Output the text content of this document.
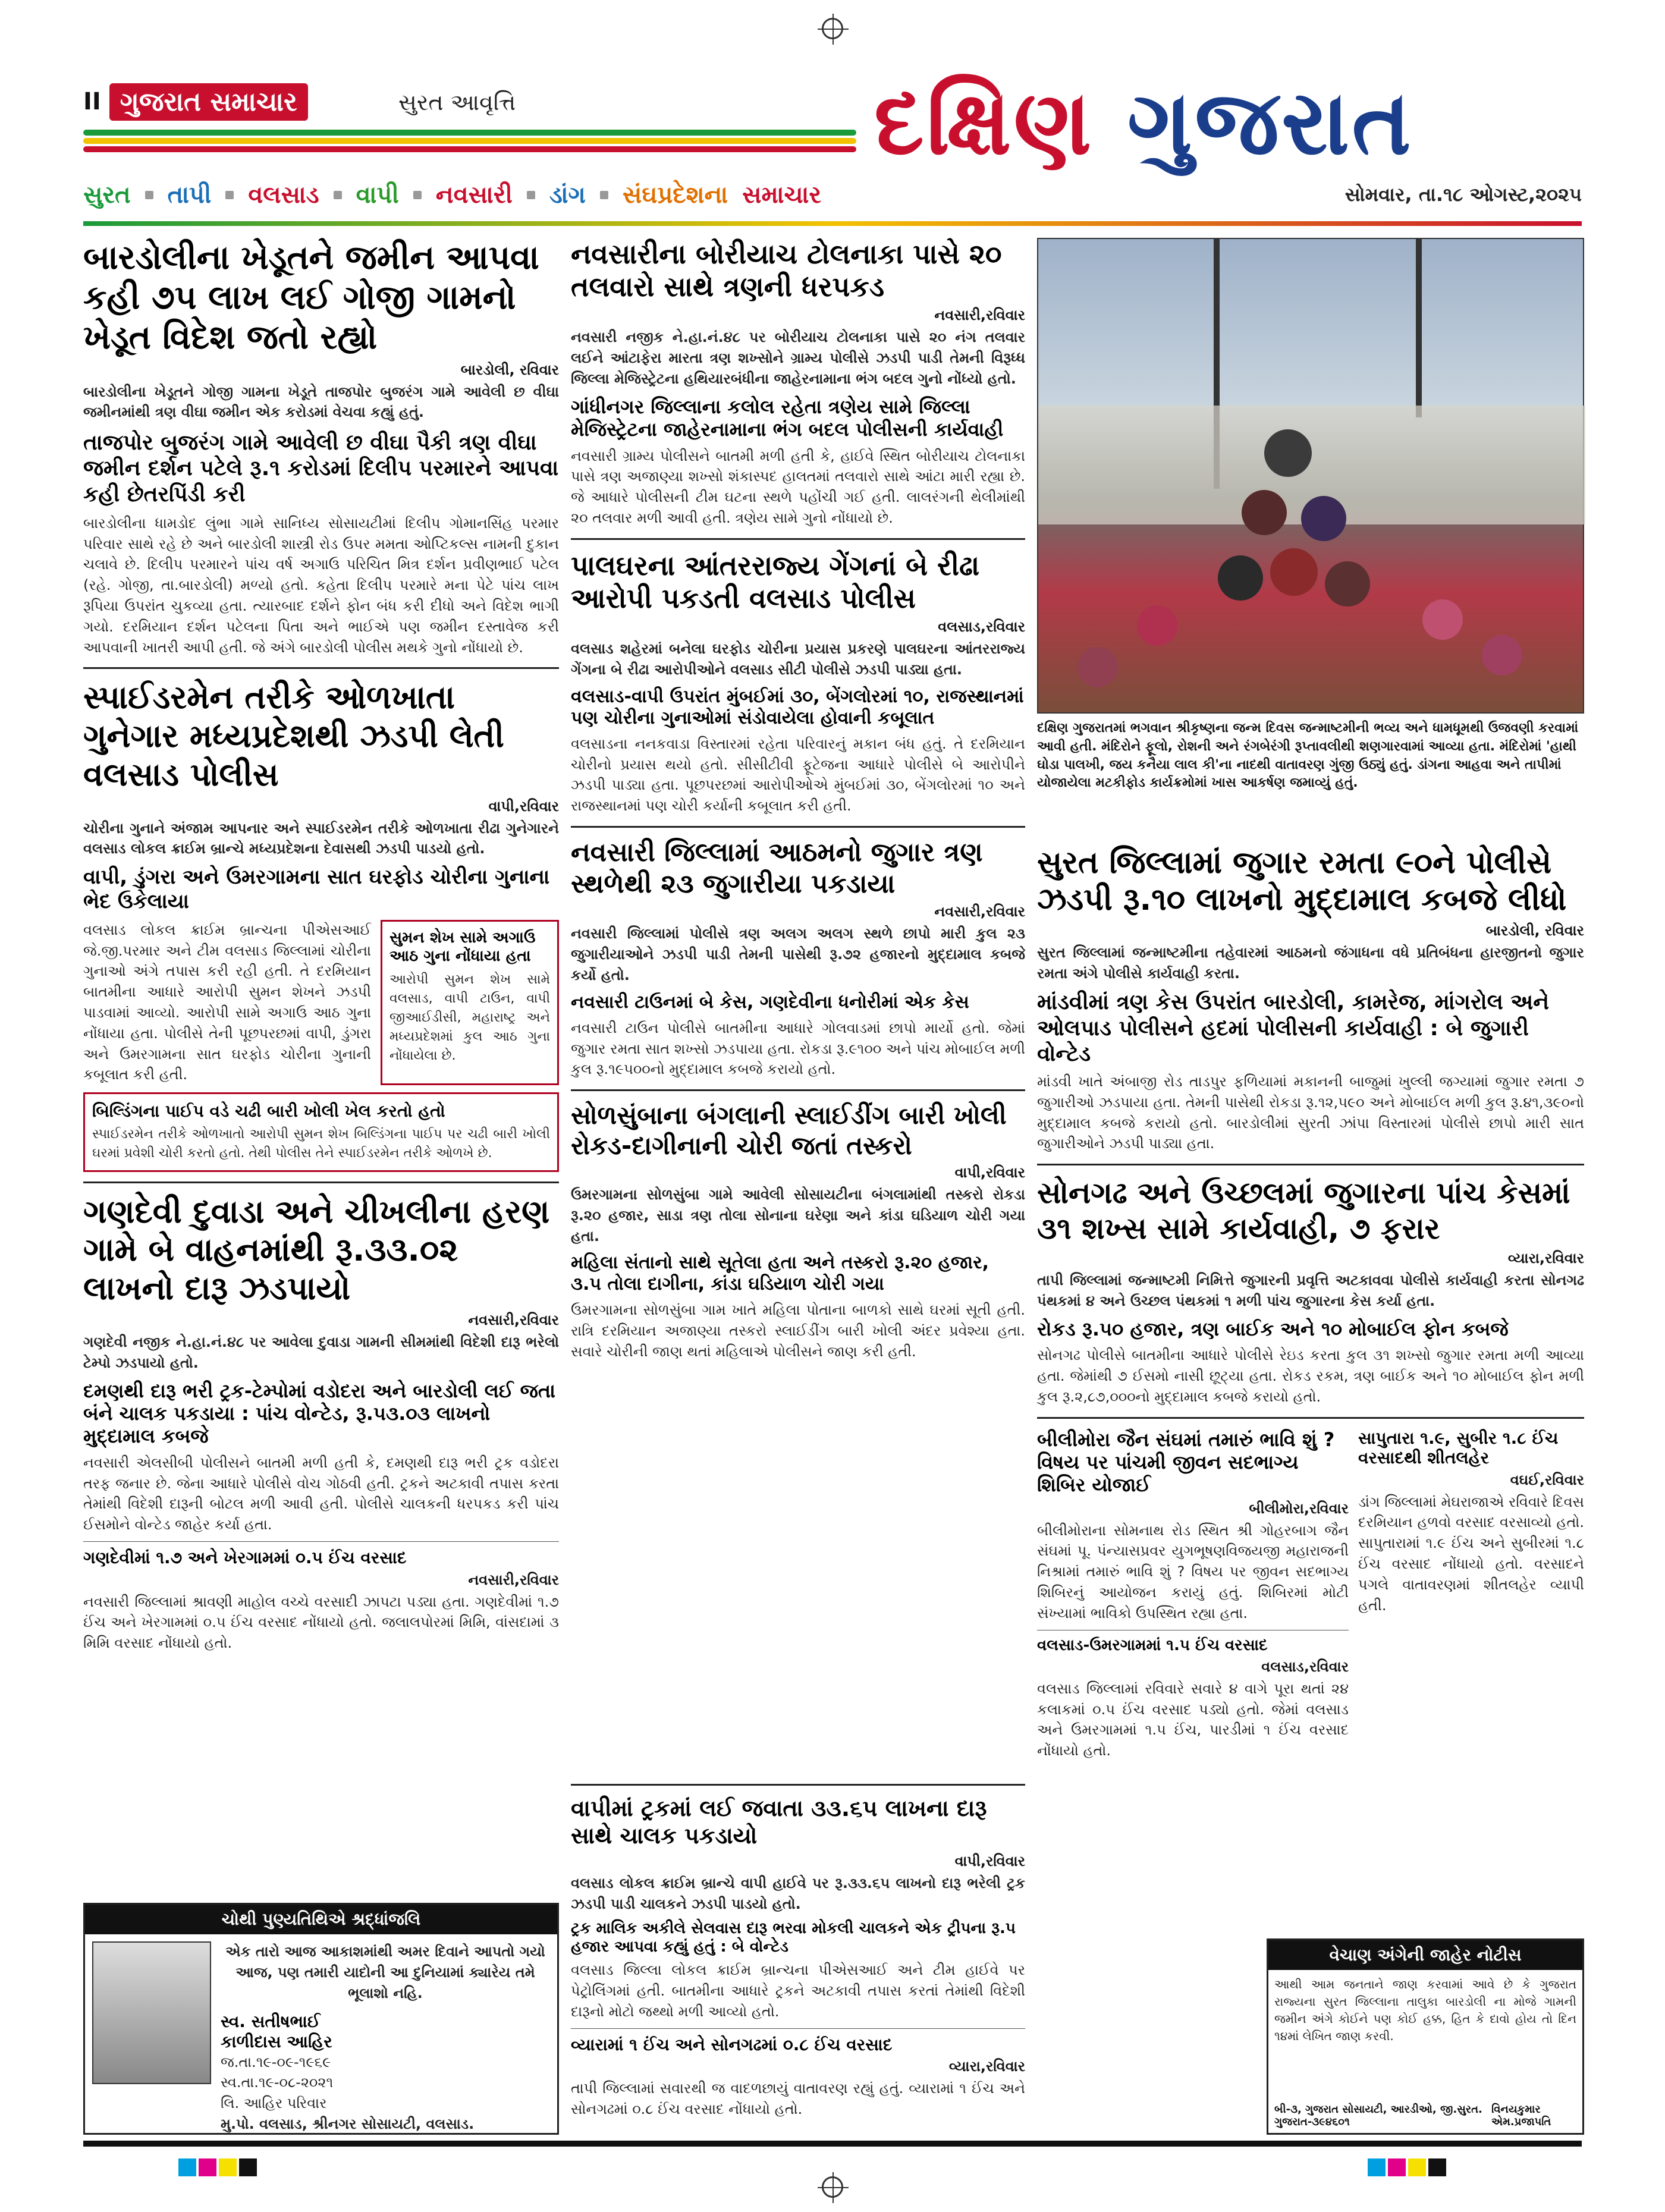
II ગુજરાત સમાચાર	સુરત આવૃત્તિ	દક્ષિણ ગુજરાત
સોમવાર, તા.૧૮ ઓગસ્ટ,૨૦૨૫
સુરત તાપી વલસાડ વાપી નવસારી ડાંગ સંઘપ્રદેશના સમાચાર
બારડોલીના ખેડૂતને જમીન આપવા કહી ૭૫ લાખ લઈ ગોજી ગામનો ખેડૂત વિદેશ જતો રહ્યો
બારડોલી, રવિવાર
બારડોલીના ખેડૂતને ગોજી ગામના ખેડૂતે તાજપોર બુજરંગ ગામે આવેલી છ વીઘા જમીનમાંથી ત્રણ વીઘા જમીન એક કરોડમાં વેચવા કહ્યું હતું.
તાજપોર બુજરંગ ગામે આવેલી છ વીઘા પૈકી ત્રણ વીઘા જમીન દર્શન પટેલે રૂ.૧ કરોડમાં દિલીપ પરમારને આપવા કહી છેતરપિંડી કરી
બારડોલીના ધામડોદ લુંભા ગામે સાનિધ્ય સોસાયટીમાં દિલીપ ગોમાનસિંહ પરમાર પરિવાર સાથે રહે છે અને બારડોલી શાસ્ત્રી રોડ ઉપર મમતા ઓપ્ટિકલ્સ નામની દુકાન ચલાવે છે. દિલીપ પરમારને પાંચ વર્ષ અગાઉ પરિચિત મિત્ર દર્શન પ્રવીણભાઈ પટેલ (રહે. ગોજી, તા.બારડોલી) મળ્યો હતો. કહેતા દિલીપ પરમારે મના પેટે પાંચ લાખ રૂપિયા ઉપરાંત ચુકવ્યા હતા. ત્યારબાદ દર્શને ફોન બંધ કરી દીધો અને વિદેશ ભાગી ગયો. દરમિયાન દર્શન પટેલના પિતા અને ભાઈએ પણ જમીન દસ્તાવેજ કરી આપવાની ખાતરી આપી હતી. જે અંગે બારડોલી પોલીસ મથકે ગુનો નોંધાયો છે.
સ્પાઈડરમેન તરીકે ઓળખાતા ગુનેગાર મધ્યપ્રદેશથી ઝડપી લેતી વલસાડ પોલીસ
વાપી,રવિવાર
ચોરીના ગુનાને અંજામ આપનાર અને સ્પાઈડરમેન તરીકે ઓળખાતા રીઢા ગુનેગારને વલસાડ લોકલ ક્રાઈમ બ્રાન્ચે મધ્યપ્રદેશના દેવાસથી ઝડપી પાડયો હતો.
વાપી, ડુંગરા અને ઉમરગામના સાત ઘરફોડ ચોરીના ગુનાના ભેદ ઉકેલાયા
વલસાડ લોકલ ક્રાઈમ બ્રાન્ચના પીએસઆઈ જે.જી.પરમાર અને ટીમ વલસાડ જિલ્લામાં ચોરીના ગુનાઓ અંગે તપાસ કરી રહી હતી. તે દરમિયાન બાતમીના આધારે આરોપી સુમન શેખને ઝડપી પાડવામાં આવ્યો. આરોપી સામે અગાઉ આઠ ગુના નોંધાયા હતા. પોલીસે તેની પૂછપરછમાં વાપી, ડુંગરા અને ઉમરગામના સાત ઘરફોડ ચોરીના ગુનાની કબૂલાત કરી હતી.
સુમન શેખ સામે અગાઉ આઠ ગુના નોંધાયા હતા
આરોપી સુમન શેખ સામે વલસાડ, વાપી ટાઉન, વાપી જીઆઈડીસી, મહારાષ્ટ્ર અને મધ્યપ્રદેશમાં કુલ આઠ ગુના નોંધાયેલા છે.
બિલ્ડિંગના પાઈપ વડે ચઢી બારી ખોલી ખેલ કરતો હતો
સ્પાઈડરમેન તરીકે ઓળખાતો આરોપી સુમન શેખ બિલ્ડિંગના પાઈપ પર ચઢી બારી ખોલી ઘરમાં પ્રવેશી ચોરી કરતો હતો. તેથી પોલીસ તેને સ્પાઈડરમેન તરીકે ઓળખે છે.
ગણદેવી દુવાડા અને ચીખલીના હરણ ગામે બે વાહનમાંથી રૂ.૩૩.૦૨ લાખનો દારૂ ઝડપાયો
નવસારી,રવિવાર
ગણદેવી નજીક ને.હા.નં.૪૮ પર આવેલા દુવાડા ગામની સીમમાંથી વિદેશી દારૂ ભરેલો ટેમ્પો ઝડપાયો હતો.
દમણથી દારૂ ભરી ટ્રક-ટેમ્પોમાં વડોદરા અને બારડોલી લઈ જતા બંને ચાલક પકડાયા : પાંચ વોન્ટેડ, રૂ.૫૩.૦૩ લાખનો મુદ્દામાલ કબજે
નવસારી એલસીબી પોલીસને બાતમી મળી હતી કે, દમણથી દારૂ ભરી ટ્રક વડોદરા તરફ જનાર છે. જેના આધારે પોલીસે વોચ ગોઠવી હતી. ટ્રકને અટકાવી તપાસ કરતા તેમાંથી વિદેશી દારૂની બોટલ મળી આવી હતી. પોલીસે ચાલકની ધરપકડ કરી પાંચ ઈસમોને વોન્ટેડ જાહેર કર્યા હતા.
ગણદેવીમાં ૧.૭ અને ખેરગામમાં ૦.૫ ઈંચ વરસાદ
નવસારી,રવિવાર
નવસારી જિલ્લામાં શ્રાવણી માહોલ વચ્ચે વરસાદી ઝાપટા પડ્યા હતા. ગણદેવીમાં ૧.૭ ઈંચ અને ખેરગામમાં ૦.૫ ઈંચ વરસાદ નોંધાયો હતો. જલાલપોરમાં મિમિ, વાંસદામાં ૩ મિમિ વરસાદ નોંધાયો હતો.
ચોથી પુણ્યતિથિએ શ્રદ્ધાંજલિ
એક તારો આજ આકાશમાંથી અમર દિવાને આપતો ગયો આજ, પણ તમારી યાદોની આ દુનિયામાં ક્યારેય તમે ભૂલાશો નહિ.
સ્વ. સતીષભાઈ
કાળીદાસ આહિર
જ.તા.૧૯-૦૯-૧૯૬૯
સ્વ.તા.૧૯-૦૮-૨૦૨૧
લિ. આહિર પરિવાર
મુ.પો. વલસાડ, શ્રીનગર સોસાયટી, વલસાડ.
નવસારીના બોરીયાચ ટોલનાકા પાસે ૨૦ તલવારો સાથે ત્રણની ધરપકડ
નવસારી,રવિવાર
નવસારી નજીક ને.હા.નં.૪૮ પર બોરીયાચ ટોલનાકા પાસે ૨૦ નંગ તલવાર લઈને આંટાફેરા મારતા ત્રણ શખ્સોને ગ્રામ્ય પોલીસે ઝડપી પાડી તેમની વિરૂધ્ધ જિલ્લા મેજિસ્ટ્રેટના હથિયારબંધીના જાહેરનામાના ભંગ બદલ ગુનો નોંધ્યો હતો.
ગાંધીનગર જિલ્લાના કલોલ રહેતા ત્રણેય સામે જિલ્લા મેજિસ્ટ્રેટના જાહેરનામાના ભંગ બદલ પોલીસની કાર્યવાહી
નવસારી ગ્રામ્ય પોલીસને બાતમી મળી હતી કે, હાઈવે સ્થિત બોરીયાચ ટોલનાકા પાસે ત્રણ અજાણ્યા શખ્સો શંકાસ્પદ હાલતમાં તલવારો સાથે આંટા મારી રહ્યા છે. જે આધારે પોલીસની ટીમ ઘટના સ્થળે પહોંચી ગઈ હતી. લાલરંગની થેલીમાંથી ૨૦ તલવાર મળી આવી હતી. ત્રણેય સામે ગુનો નોંધાયો છે.
પાલઘરના આંતરરાજ્ય ગેંગનાં બે રીઢા આરોપી પકડતી વલસાડ પોલીસ
વલસાડ,રવિવાર
વલસાડ શહેરમાં બનેલા ઘરફોડ ચોરીના પ્રયાસ પ્રકરણે પાલઘરના આંતરરાજ્ય ગેંગના બે રીઢા આરોપીઓને વલસાડ સીટી પોલીસે ઝડપી પાડ્યા હતા.
વલસાડ-વાપી ઉપરાંત મુંબઈમાં ૩૦, બેંગલોરમાં ૧૦, રાજસ્થાનમાં પણ ચોરીના ગુનાઓમાં સંડોવાયેલા હોવાની કબૂલાત
વલસાડના નનકવાડા વિસ્તારમાં રહેતા પરિવારનું મકાન બંધ હતું. તે દરમિયાન ચોરીનો પ્રયાસ થયો હતો. સીસીટીવી ફૂટેજના આધારે પોલીસે બે આરોપીને ઝડપી પાડ્યા હતા. પૂછપરછમાં આરોપીઓએ મુંબઈમાં ૩૦, બેંગલોરમાં ૧૦ અને રાજસ્થાનમાં પણ ચોરી કર્યાની કબૂલાત કરી હતી.
નવસારી જિલ્લામાં આઠમનો જુગાર ત્રણ સ્થળેથી ૨૩ જુગારીયા પકડાયા
નવસારી,રવિવાર
નવસારી જિલ્લામાં પોલીસે ત્રણ અલગ અલગ સ્થળે છાપો મારી કુલ ૨૩ જુગારીયાઓને ઝડપી પાડી તેમની પાસેથી રૂ.૭૨ હજારનો મુદ્દામાલ કબજે કર્યો હતો.
નવસારી ટાઉનમાં બે કેસ, ગણદેવીના ધનોરીમાં એક કેસ
નવસારી ટાઉન પોલીસે બાતમીના આધારે ગોલવાડમાં છાપો માર્યો હતો. જેમાં જુગાર રમતા સાત શખ્સો ઝડપાયા હતા. રોકડા રૂ.૯૧૦૦ અને પાંચ મોબાઈલ મળી કુલ રૂ.૧૯૫૦૦નો મુદ્દામાલ કબજે કરાયો હતો.
સોળસુંબાના બંગલાની સ્લાઈડીંગ બારી ખોલી રોકડ-દાગીનાની ચોરી જતાં તસ્કરો
વાપી,રવિવાર
ઉમરગામના સોળસુંબા ગામે આવેલી સોસાયટીના બંગલામાંથી તસ્કરો રોકડા રૂ.૨૦ હજાર, સાડા ત્રણ તોલા સોનાના ઘરેણા અને કાંડા ઘડિયાળ ચોરી ગયા હતા.
મહિલા સંતાનો સાથે સૂતેલા હતા અને તસ્કરો રૂ.૨૦ હજાર, ૩.૫ તોલા દાગીના, કાંડા ઘડિયાળ ચોરી ગયા
ઉમરગામના સોળસુંબા ગામ ખાતે મહિલા પોતાના બાળકો સાથે ઘરમાં સૂતી હતી. રાત્રિ દરમિયાન અજાણ્યા તસ્કરો સ્લાઈડીંગ બારી ખોલી અંદર પ્રવેશ્યા હતા. સવારે ચોરીની જાણ થતાં મહિલાએ પોલીસને જાણ કરી હતી.
વાપીમાં ટ્રકમાં લઈ જવાતા ૩૩.૬૫ લાખના દારૂ સાથે ચાલક પકડાયો
વાપી,રવિવાર
વલસાડ લોકલ ક્રાઈમ બ્રાન્ચે વાપી હાઈવે પર રૂ.૩૩.૬૫ લાખનો દારૂ ભરેલી ટ્રક ઝડપી પાડી ચાલકને ઝડપી પાડયો હતો.
ટ્રક માલિક અકીલે સેલવાસ દારૂ ભરવા મોકલી ચાલકને એક ટ્રીપના રૂ.૫ હજાર આપવા કહ્યું હતું : બે વોન્ટેડ
વલસાડ જિલ્લા લોકલ ક્રાઈમ બ્રાન્ચના પીએસઆઈ અને ટીમ હાઈવે પર પેટ્રોલિંગમાં હતી. બાતમીના આધારે ટ્રકને અટકાવી તપાસ કરતાં તેમાંથી વિદેશી દારૂનો મોટો જથ્થો મળી આવ્યો હતો.
વ્યારામાં ૧ ઈંચ અને સોનગઢમાં ૦.૮ ઈંચ વરસાદ
વ્યારા,રવિવાર
તાપી જિલ્લામાં સવારથી જ વાદળછાયું વાતાવરણ રહ્યું હતું. વ્યારામાં ૧ ઈંચ અને સોનગઢમાં ૦.૮ ઈંચ વરસાદ નોંધાયો હતો.
દક્ષિણ ગુજરાતમાં ભગવાન શ્રીકૃષ્ણના જન્મ દિવસ જન્માષ્ટમીની ભવ્ય અને ધામધૂમથી ઉજવણી કરવામાં આવી હતી. મંદિરોને ફૂલો, રોશની અને રંગબેરંગી રૂપ્તાવલીથી શણગારવામાં આવ્યા હતા. મંદિરોમાં 'હાથી ઘોડા પાલખી, જય કનૈયા લાલ કી'ના નાદથી વાતાવરણ ગુંજી ઉઠ્યું હતું. ડાંગના આહવા અને તાપીમાં યોજાયેલા મટકીફોડ કાર્યક્રમોમાં ખાસ આકર્ષણ જમાવ્યું હતું.
સુરત જિલ્લામાં જુગાર રમતા ૯૦ને પોલીસે ઝડપી રૂ.૧૦ લાખનો મુદ્દામાલ કબજે લીધો
બારડોલી, રવિવાર
સુરત જિલ્લામાં જન્માષ્ટમીના તહેવારમાં આઠમનો જંગાધના વધે પ્રતિબંધના હારજીતનો જુગાર રમતા અંગે પોલીસે કાર્યવાહી કરતા.
માંડવીમાં ત્રણ કેસ ઉપરાંત બારડોલી, કામરેજ, માંગરોલ અને ઓલપાડ પોલીસને હદમાં પોલીસની કાર્યવાહી : બે જુગારી વોન્ટેડ
માંડવી ખાતે અંબાજી રોડ તાડપુર ફળિયામાં મકાનની બાજુમાં ખુલ્લી જગ્યામાં જુગાર રમતા ૭ જુગારીઓ ઝડપાયા હતા. તેમની પાસેથી રોકડા રૂ.૧૨,૫૯૦ અને મોબાઈલ મળી કુલ રૂ.૪૧,૩૯૦નો મુદ્દામાલ કબજે કરાયો હતો. બારડોલીમાં સુરતી ઝાંપા વિસ્તારમાં પોલીસે છાપો મારી સાત જુગારીઓને ઝડપી પાડ્યા હતા.
સોનગઢ અને ઉચ્છલમાં જુગારના પાંચ કેસમાં ૩૧ શખ્સ સામે કાર્યવાહી, ૭ ફરાર
વ્યારા,રવિવાર
તાપી જિલ્લામાં જન્માષ્ટમી નિમિત્તે જુગારની પ્રવૃત્તિ અટકાવવા પોલીસે કાર્યવાહી કરતા સોનગઢ પંથકમાં ૪ અને ઉચ્છલ પંથકમાં ૧ મળી પાંચ જુગારના કેસ કર્યા હતા.
રોકડ રૂ.૫૦ હજાર, ત્રણ બાઈક અને ૧૦ મોબાઈલ ફોન કબજે
સોનગઢ પોલીસે બાતમીના આધારે પોલીસે રેઇડ કરતા કુલ ૩૧ શખ્સો જુગાર રમતા મળી આવ્યા હતા. જેમાંથી ૭ ઈસમો નાસી છૂટ્યા હતા. રોકડ રકમ, ત્રણ બાઈક અને ૧૦ મોબાઈલ ફોન મળી કુલ રૂ.૨,૮૭,૦૦૦નો મુદ્દામાલ કબજે કરાયો હતો.
બીલીમોરા જૈન સંઘમાં તમારું ભાવિ શું ? વિષય પર પાંચમી જીવન સદભાગ્ય શિબિર યોજાઈ
બીલીમોરા,રવિવાર
બીલીમોરાના સોમનાથ રોડ સ્થિત શ્રી ગોહરબાગ જૈન સંઘમાં પૂ. પંન્યાસપ્રવર યુગભૂષણવિજયજી મહારાજની નિશ્રામાં તમારું ભાવિ શું ? વિષય પર જીવન સદભાગ્ય શિબિરનું આયોજન કરાયું હતું. શિબિરમાં મોટી સંખ્યામાં ભાવિકો ઉપસ્થિત રહ્યા હતા.
વલસાડ-ઉમરગામમાં ૧.૫ ઈંચ વરસાદ
વલસાડ,રવિવાર
વલસાડ જિલ્લામાં રવિવારે સવારે ૪ વાગે પૂરા થતાં ૨૪ કલાકમાં ૦.૫ ઈંચ વરસાદ પડ્યો હતો. જેમાં વલસાડ અને ઉમરગામમાં ૧.૫ ઈંચ, પારડીમાં ૧ ઈંચ વરસાદ નોંધાયો હતો.
સાપુતારા ૧.૯, સુબીર ૧.૮ ઈંચ વરસાદથી શીતલહેર
વઘઈ,રવિવાર
ડાંગ જિલ્લામાં મેઘરાજાએ રવિવારે દિવસ દરમિયાન હળવો વરસાદ વરસાવ્યો હતો. સાપુતારામાં ૧.૯ ઈંચ અને સુબીરમાં ૧.૮ ઈંચ વરસાદ નોંધાયો હતો. વરસાદને પગલે વાતાવરણમાં શીતલહેર વ્યાપી હતી.
વેચાણ અંગેની જાહેર નોટીસ
આથી આમ જનતાને જાણ કરવામાં આવે છે કે ગુજરાત રાજ્યના સુરત જિલ્લાના તાલુકા બારડોલી ના મોજે ગામની જમીન અંગે કોઈને પણ કોઈ હક્ક, હિત કે દાવો હોય તો દિન ૧૪માં લેખિત જાણ કરવી.
બી-૩, ગુજરાત સોસાયટી, આરડીઓ, જી.સુરત. ગુજરાત-૩૯૪૬૦૧
વિનયકુમાર એમ.પ્રજાપતિ
